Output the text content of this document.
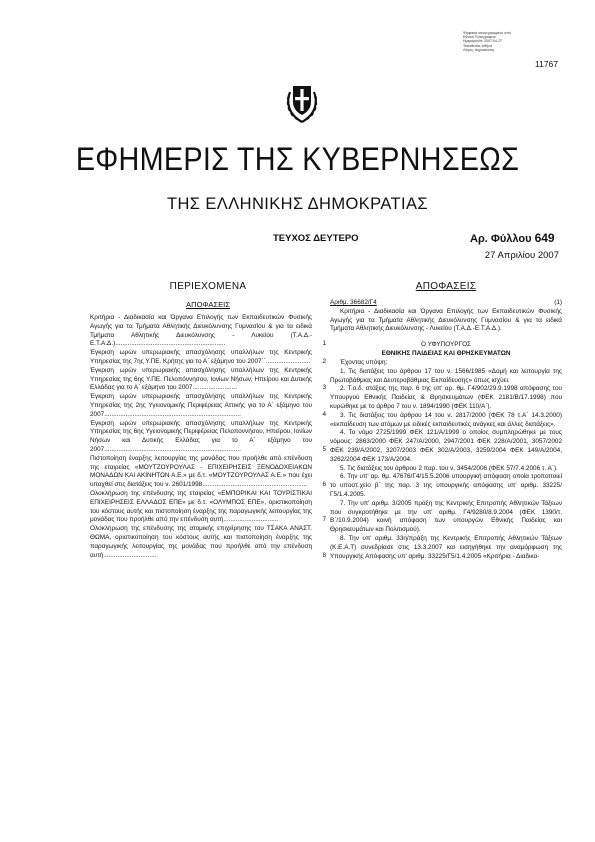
Ψηφιακά υπογεγραμμένο από
Εθνικό Τυπογραφείο
Ημερομηνία: 2007.04.27
Τοποθεσία: Αθήνα
Λόγος: Δημοσίευση
11767
ΕΦΗΜΕΡΙΣ ΤΗΣ ΚΥΒΕΡΝΗΣΕΩΣ
ΤΗΣ ΕΛΛΗΝΙΚΗΣ ΔΗΜΟΚΡΑΤΙΑΣ
ΤΕΥΧΟΣ ΔΕΥΤΕΡΟ	Αρ. Φύλλου 649
27 Απριλίου 2007
ΠΕΡΙΕΧΟΜΕΝΑ
ΑΠΟΦΑΣΕΙΣ
Κριτήρια - Διαδικασία και Όργανα Επιλογής των Εκπαιδευτικών Φυσικής Αγωγής για τα Τμήματα Αθλητικής Διευκόλυνσης Γυμνασίου & για τα ειδικά Τμήματα Αθλητικής Διευκόλυνσης - Λυκείου (Τ.Α.Δ.-Ε.Τ.Α.Δ.)..............................................................	1
Έγκριση ωρών υπερωριακής απασχόλησης υπαλλήλων της Κεντρικής Υπηρεσίας της 7ης Υ.ΠΕ. Κρήτης για το Α΄ εξάμηνο του 2007΄΄.........................	2
Έγκριση ωρών υπερωριακής απασχόλησης υπαλλήλων της Κεντρικής Υπηρεσίας της 6ης Υ.ΠΕ. Πελοπόννησου, Ιονίων Νήσων, Ηπείρου και Δυτικής Ελλάδας για το Α΄ εξάμηνο του 2007.........................	3
Έγκριση ωρών υπερωριακής απασχόλησης υπαλλήλων της Κεντρικής Υπηρεσίας της 2ης Υγειονομικής Περιφέρειας Αττικής για το Α΄ εξάμηνο του 2007.............................................................................	4
Έγκριση ωρών υπερωριακής απασχόλησης υπαλλήλων της Κεντρικής Υπηρεσίας της 6ης Υγειονομικής Περιφέρειας Πελοποννήσου, Ηπείρου, Ιονίων Νήσων και Δυτικής Ελλάδας για το Α΄ εξάμηνο του 2007.............................................................................	5
Πιστοποίηση έναρξης λειτουργίας της μονάδας που προήλθε από επένδυση της εταιρείας «ΜΟΥΤΖΟΥΡΟΥΛΑΣ - ΕΠΙΧΕΙΡΗΣΕΙΣ ΞΕΝΟΔΟΧΕΙΑΚΩΝ ΜΟΝΑΔΩΝ ΚΑΙ ΑΚΙΝΗΤΩΝ Α.Ε.» με δ.τ. «ΜΟΥΤΖΟΥΡΟΥΛΑΣ Α.Ε.» που έχει υπαχθεί στις διατάξεις του ν. 2601/1998...........................................................	6
Ολοκλήρωση της επένδυσης της εταιρείας «ΕΜΠΟΡΙΚΑΙ ΚΑΙ ΤΟΥΡΙΣΤΙΚΑΙ ΕΠΙΧΕΙΡΗΣΕΙΣ ΕΛΛΑΔΟΣ ΕΠΕ» με δ.τ. «ΟΛΥΜΠΟΣ ΕΠΕ», οριστικοποίηση του κόστους αυτής και πιστοποίηση έναρξης της παραγωγικής λειτουργίας της μονάδας που προήλθε από την επένδυση αυτή...............................	7
Ολοκλήρωση της επένδυσης της ατομικής επιχείρησης του ΤΣΑΚΑ ΑΝΑΣΤ. ΘΩΜΑ, οριστικοποίηση του κόστους αυτής και πιστοποίηση έναρξης της παραγωγικής λειτουργίας της μονάδας που προήλθε από την επένδυση αυτή..............................	8
ΑΠΟΦΑΣΕΙΣ
Αριθμ. 36682/Γ4	(1)
Κριτήρια - Διαδικασία και Όργανα Επιλογής των Εκπαιδευτικών Φυσικής Αγωγής για τα Τμήματα Αθλητικής Διευκόλυνσης Γυμνασίου & για τα ειδικά Τμήματα Αθλητικής Διευκόλυνσης - Λυκείου (Τ.Α.Δ.-Ε.Τ.Α.Δ.).
Ο ΥΦΥΠΟΥΡΓΟΣ
ΕΘΝΙΚΗΣ ΠΑΙΔΕΙΑΣ ΚΑΙ ΘΡΗΣΚΕΥΜΑΤΩΝ
Έχοντας υπόψη:
1. Τις διατάξεις του άρθρου 17 του ν. 1566/1985 «Δομή και λειτουργία της Πρωτοβάθμιας και Δευτεροβάθμιας Εκπαίδευσης» όπως ισχύει.
2. Τ.ο.δ. στάξεις της παρ. 6 της υπ' αρ. θμ. Γ4/902/29.9.1998 απόφασης του Υπουργού Εθνικής Παιδείας & Θρησκευμάτων (ΦΕΚ 2181/Β/17.1998) που κυρώθηκε με το άρθρο 7 του ν. 1894/1990 (ΦΕΚ 110/Α΄).
3. Τις διατάξεις του άρθρου 14 του ν. 2817/2000 (ΦΕΚ 78 τ.Α΄ 14.3.2000) «εκπαίδευση των ατόμων με ειδικές εκπαιδευτικές ανάγκες και άλλες διατάξεις».
4. Το νόμο 2725/1999 ΦΕΚ 121/Α/1999 ο οποίος συμπληρώθηκε με τους νόμους: 2863/2000 ΦΕΚ 247/Α/2000, 2947/2001 ΦΕΚ 228/Α/2001, 3057/2002 ΦΕΚ 239/Α/2002, 3207/2003 ΦΕΚ 302/Α/2003, 3259/2004 ΦΕΚ 149/Α/2004, 3262/2004 ΦΕΚ 173/Α/2004.
5. Τις διατάξεις του άρθρου 2 παρ. του ν. 3454/2006 (ΦΕΚ 57/7.4.2006 τ. Α΄).
6. Την υπ' αρ. θμ. 47676/Γ4/15.5.2006 υπουργική απόφαση οποία τροποποιεί το υποστ.χείο β΄ της παρ. 3 της υπουργικής απόφασης υπ' αριθμ. 33225/Γ5/1.4.2005.
7. Την υπ' αριθμ. 3/2005 πράξη της Κεντρικής Επιτροπής Αθλητικών Τάξεων που συγκροτήθηκε με την υπ' αριθμ. Γ4/9280/8.9.2004 (ΦΕΚ 1390/τ. Β΄/10.9.2004) κοινή απόφαση των υπουργών Εθνικής Παιδείας και Θρησκευμάτων και Πολιτισμού).
8. Την υπ' αριθμ. 33η/πράξη της Κεντρικής Επιτροπής Αθλητικών Τάξεων (Κ.Ε.Α.Τ) συνεδρίασε στις 13.3.2007 και εισηγήθηκε την αναμόρφωση της Υπουργικής Απόφασης υπ' αριθμ. 33225/Γ5/1.4.2005 «Κριτήρια - Διαδικα-
